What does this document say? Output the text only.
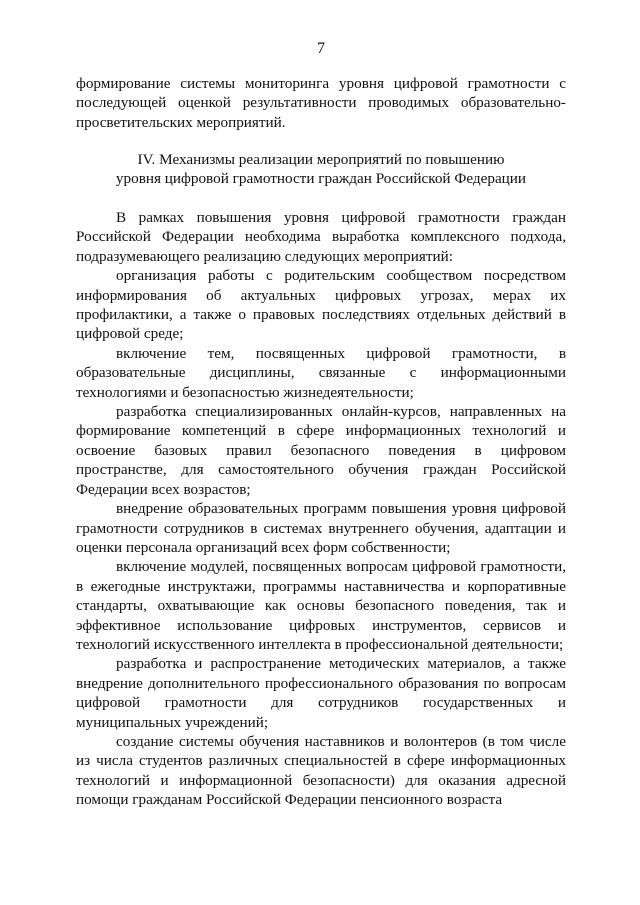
7

формирование системы мониторинга уровня цифровой грамотности с последующей оценкой результативности проводимых образовательно-просветительских мероприятий.

IV. Механизмы реализации мероприятий по повышению
уровня цифровой грамотности граждан Российской Федерации

В рамках повышения уровня цифровой грамотности граждан Российской Федерации необходима выработка комплексного подхода, подразумевающего реализацию следующих мероприятий:

организация работы с родительским сообществом посредством информирования об актуальных цифровых угрозах, мерах их профилактики, а также о правовых последствиях отдельных действий в цифровой среде;

включение тем, посвященных цифровой грамотности, в образовательные дисциплины, связанные с информационными технологиями и безопасностью жизнедеятельности;

разработка специализированных онлайн-курсов, направленных на формирование компетенций в сфере информационных технологий и освоение базовых правил безопасного поведения в цифровом пространстве, для самостоятельного обучения граждан Российской Федерации всех возрастов;

внедрение образовательных программ повышения уровня цифровой грамотности сотрудников в системах внутреннего обучения, адаптации и оценки персонала организаций всех форм собственности;

включение модулей, посвященных вопросам цифровой грамотности, в ежегодные инструктажи, программы наставничества и корпоративные стандарты, охватывающие как основы безопасного поведения, так и эффективное использование цифровых инструментов, сервисов и технологий искусственного интеллекта в профессиональной деятельности;

разработка и распространение методических материалов, а также внедрение дополнительного профессионального образования по вопросам цифровой грамотности для сотрудников государственных и муниципальных учреждений;

создание системы обучения наставников и волонтеров (в том числе из числа студентов различных специальностей в сфере информационных технологий и информационной безопасности) для оказания адресной помощи гражданам Российской Федерации пенсионного возраста
